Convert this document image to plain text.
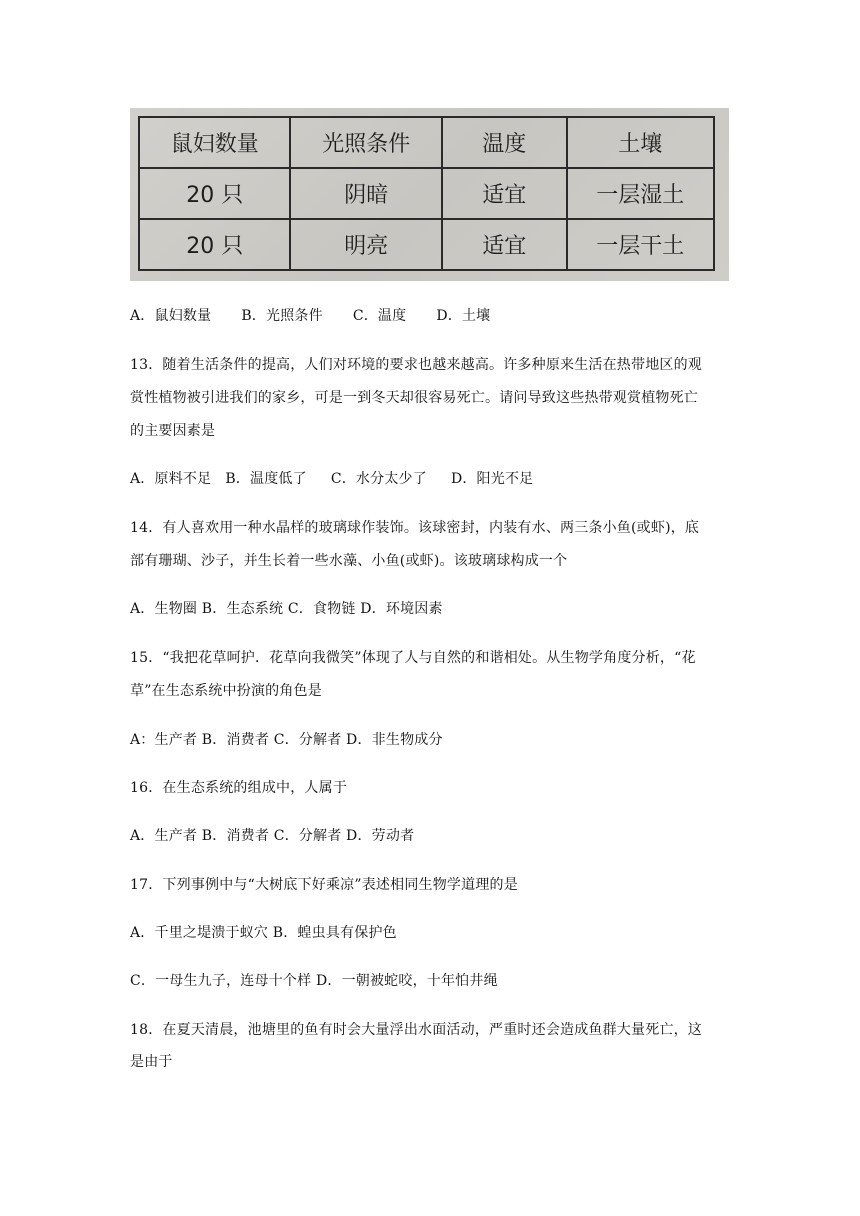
鼠妇数量	光照条件	温度	土壤
20 只	阴暗	适宜	一层湿土
20 只	明亮	适宜	一层干土
A．鼠妇数量 B．光照条件 C．温度 D．土壤
13．随着生活条件的提高，人们对环境的要求也越来越高。许多种原来生活在热带地区的观
赏性植物被引进我们的家乡，可是一到冬天却很容易死亡。请问导致这些热带观赏植物死亡
的主要因素是
A．原料不足 B．温度低了 C．水分太少了 D．阳光不足
14．有人喜欢用一种水晶样的玻璃球作装饰。该球密封，内装有水、两三条小鱼(或虾)，底
部有珊瑚、沙子，并生长着一些水藻、小鱼(或虾)。该玻璃球构成一个
A．生物圈 B．生态系统 C．食物链 D．环境因素
15．“我把花草呵护．花草向我微笑”体现了人与自然的和谐相处。从生物学角度分析，“花
草”在生态系统中扮演的角色是
A：生产者 B．消费者 C．分解者 D．非生物成分
16．在生态系统的组成中，人属于
A．生产者 B．消费者 C．分解者 D．劳动者
17．下列事例中与“大树底下好乘凉”表述相同生物学道理的是
A．千里之堤溃于蚁穴 B．蝗虫具有保护色
C．一母生九子，连母十个样 D．一朝被蛇咬，十年怕井绳
18．在夏天清晨，池塘里的鱼有时会大量浮出水面活动，严重时还会造成鱼群大量死亡，这
是由于
